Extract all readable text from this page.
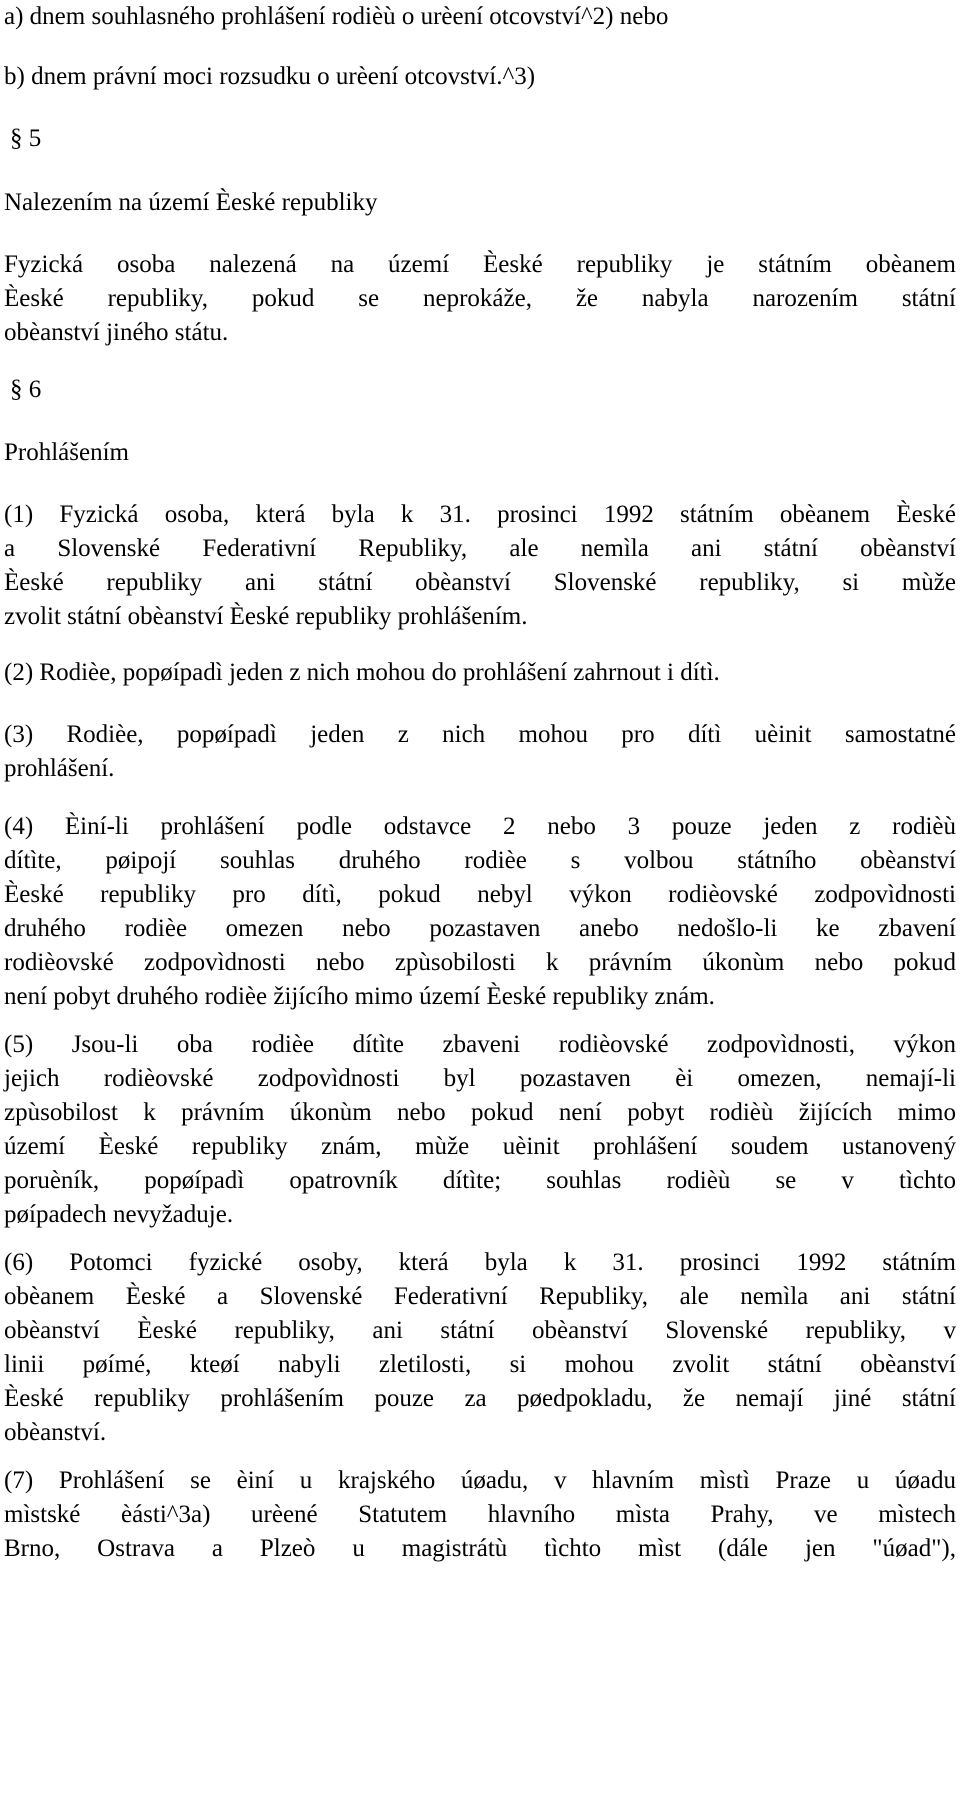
a) dnem souhlasného prohlášení rodièù o urèení otcovství^2) nebo
b) dnem právní moci rozsudku o urèení otcovství.^3)
§ 5
Nalezením na území Èeské republiky
Fyzická osoba nalezená na území Èeské republiky je státním obèanem
Èeské republiky, pokud se neprokáže, že nabyla narozením státní
obèanství jiného státu.
§ 6
Prohlášením
(1) Fyzická osoba, která byla k 31. prosinci 1992 státním obèanem Èeské
a Slovenské Federativní Republiky, ale nemìla ani státní obèanství
Èeské republiky ani státní obèanství Slovenské republiky, si mùže
zvolit státní obèanství Èeské republiky prohlášením.
(2) Rodièe, popøípadì jeden z nich mohou do prohlášení zahrnout i dítì.
(3) Rodièe, popøípadì jeden z nich mohou pro dítì uèinit samostatné
prohlášení.
(4) Èiní-li prohlášení podle odstavce 2 nebo 3 pouze jeden z rodièù
dítìte, pøipojí souhlas druhého rodièe s volbou státního obèanství
Èeské republiky pro dítì, pokud nebyl výkon rodièovské zodpovìdnosti
druhého rodièe omezen nebo pozastaven anebo nedošlo-li ke zbavení
rodièovské zodpovìdnosti nebo zpùsobilosti k právním úkonùm nebo pokud
není pobyt druhého rodièe žijícího mimo území Èeské republiky znám.
(5) Jsou-li oba rodièe dítìte zbaveni rodièovské zodpovìdnosti, výkon
jejich rodièovské zodpovìdnosti byl pozastaven èi omezen, nemají-li
zpùsobilost k právním úkonùm nebo pokud není pobyt rodièù žijících mimo
území Èeské republiky znám, mùže uèinit prohlášení soudem ustanovený
poruèník, popøípadì opatrovník dítìte; souhlas rodièù se v tìchto
pøípadech nevyžaduje.
(6) Potomci fyzické osoby, která byla k 31. prosinci 1992 státním
obèanem Èeské a Slovenské Federativní Republiky, ale nemìla ani státní
obèanství Èeské republiky, ani státní obèanství Slovenské republiky, v
linii pøímé, kteøí nabyli zletilosti, si mohou zvolit státní obèanství
Èeské republiky prohlášením pouze za pøedpokladu, že nemají jiné státní
obèanství.
(7) Prohlášení se èiní u krajského úøadu, v hlavním mìstì Praze u úøadu
mìstské èásti^3a) urèené Statutem hlavního mìsta Prahy, ve mìstech
Brno, Ostrava a Plzeò u magistrátù tìchto mìst (dále jen "úøad"),
